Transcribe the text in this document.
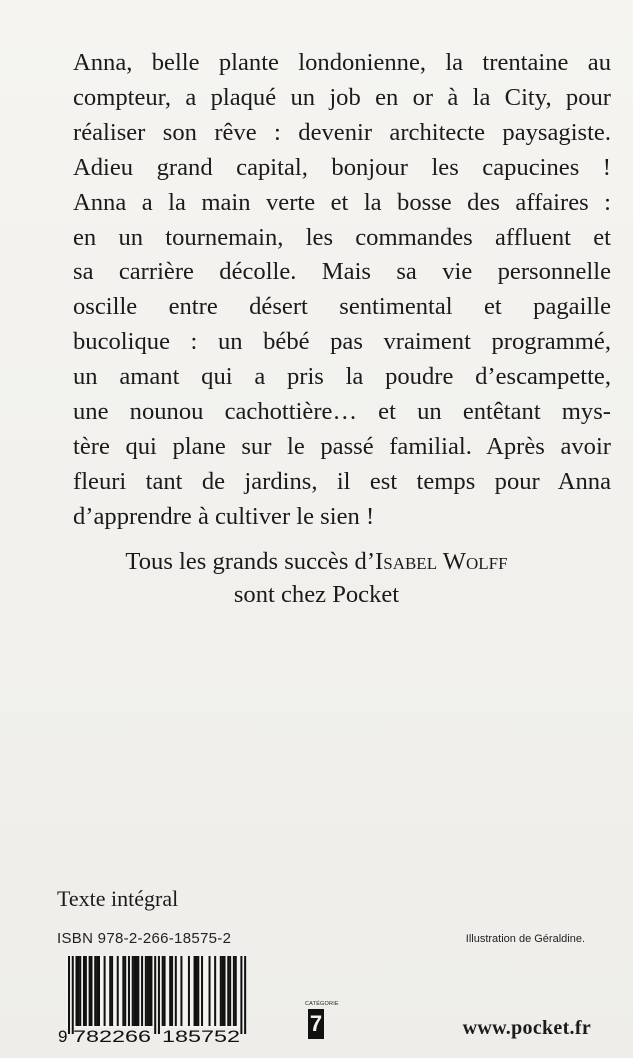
Anna, belle plante londonienne, la trentaine au
compteur, a plaqué un job en or à la City, pour
réaliser son rêve : devenir architecte paysagiste.
Adieu grand capital, bonjour les capucines !
Anna a la main verte et la bosse des affaires :
en un tournemain, les commandes affluent et
sa carrière décolle. Mais sa vie personnelle
oscille entre désert sentimental et pagaille
bucolique : un bébé pas vraiment programmé,
un amant qui a pris la poudre d’escampette,
une nounou cachottière… et un entêtant mys-
tère qui plane sur le passé familial. Après avoir
fleuri tant de jardins, il est temps pour Anna
d’apprendre à cultiver le sien !
Tous les grands succès d’Isabel Wolff
sont chez Pocket
Texte intégral
ISBN 978-2-266-18575-2	Illustration de Géraldine.
9 782266 185752
CATÉGORIE
7	www.pocket.fr
